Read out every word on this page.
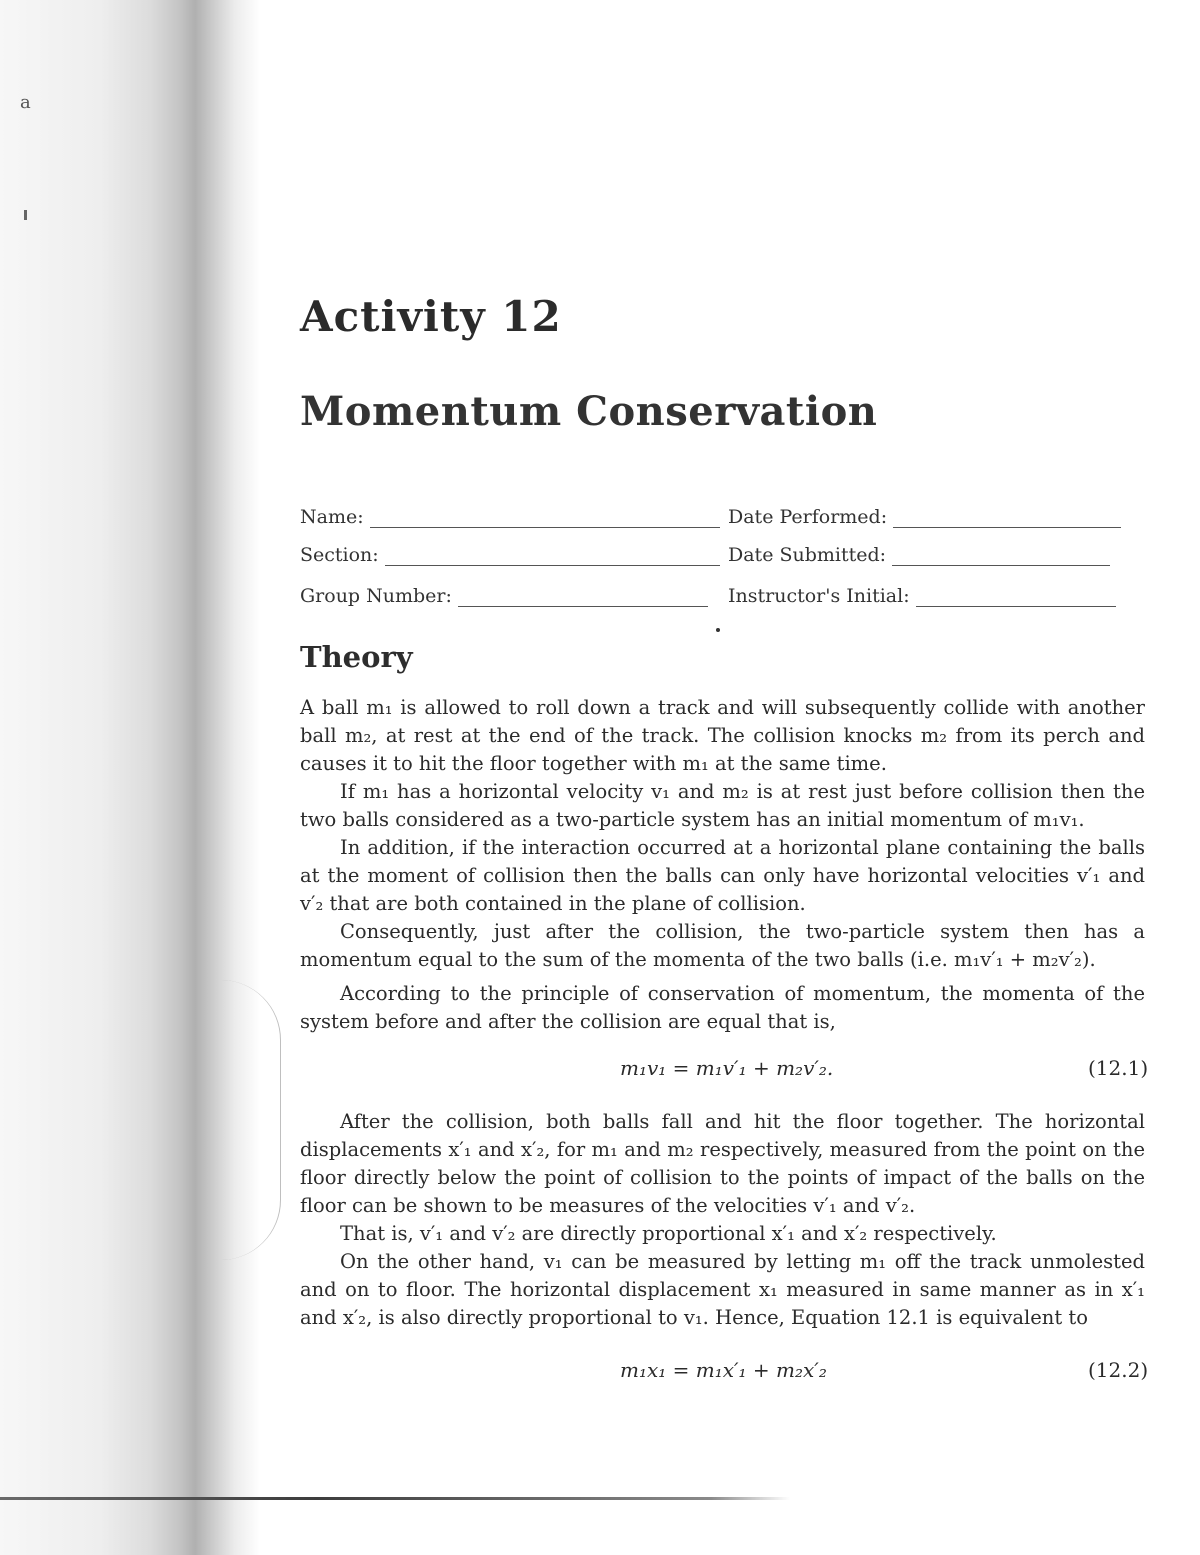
a
Activity 12
Momentum Conservation
Name:	Date Performed:
Section:	Date Submitted:
Group Number:	Instructor's Initial:
Theory
A ball m₁ is allowed to roll down a track and will subsequently collide with another ball m₂, at rest at the end of the track. The collision knocks m₂ from its perch and causes it to hit the floor together with m₁ at the same time.
If m₁ has a horizontal velocity v₁ and m₂ is at rest just before collision then the two balls considered as a two-particle system has an initial momentum of m₁v₁.
In addition, if the interaction occurred at a horizontal plane containing the balls at the moment of collision then the balls can only have horizontal velocities v′₁ and v′₂ that are both contained in the plane of collision.
Consequently, just after the collision, the two-particle system then has a momentum equal to the sum of the momenta of the two balls (i.e. m₁v′₁ + m₂v′₂).
According to the principle of conservation of momentum, the momenta of the system before and after the collision are equal that is,
m₁v₁ = m₁v′₁ + m₂v′₂.	(12.1)
After the collision, both balls fall and hit the floor together. The horizontal displacements x′₁ and x′₂, for m₁ and m₂ respectively, measured from the point on the floor directly below the point of collision to the points of impact of the balls on the floor can be shown to be measures of the velocities v′₁ and v′₂.
That is, v′₁ and v′₂ are directly proportional x′₁ and x′₂ respectively.
On the other hand, v₁ can be measured by letting m₁ off the track unmolested and on to floor. The horizontal displacement x₁ measured in same manner as in x′₁ and x′₂, is also directly proportional to v₁. Hence, Equation 12.1 is equivalent to
m₁x₁ = m₁x′₁ + m₂x′₂	(12.2)
